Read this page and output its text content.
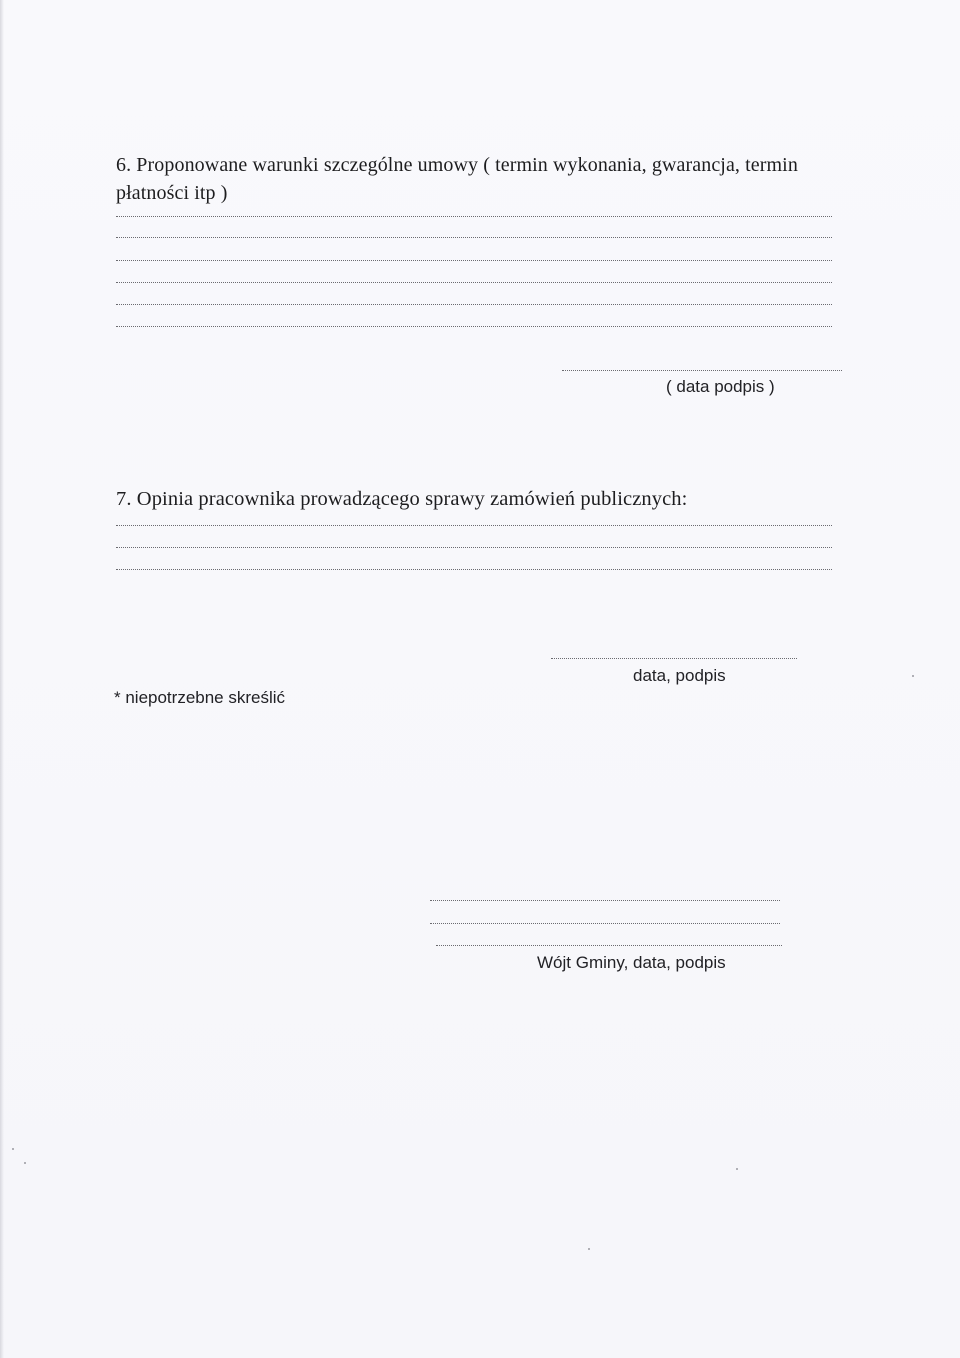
6. Proponowane warunki szczególne umowy ( termin wykonania, gwarancja, termin
płatności itp )
( data podpis )
7. Opinia pracownika prowadzącego sprawy zamówień publicznych:
data, podpis
* niepotrzebne skreślić
Wójt Gminy, data, podpis
